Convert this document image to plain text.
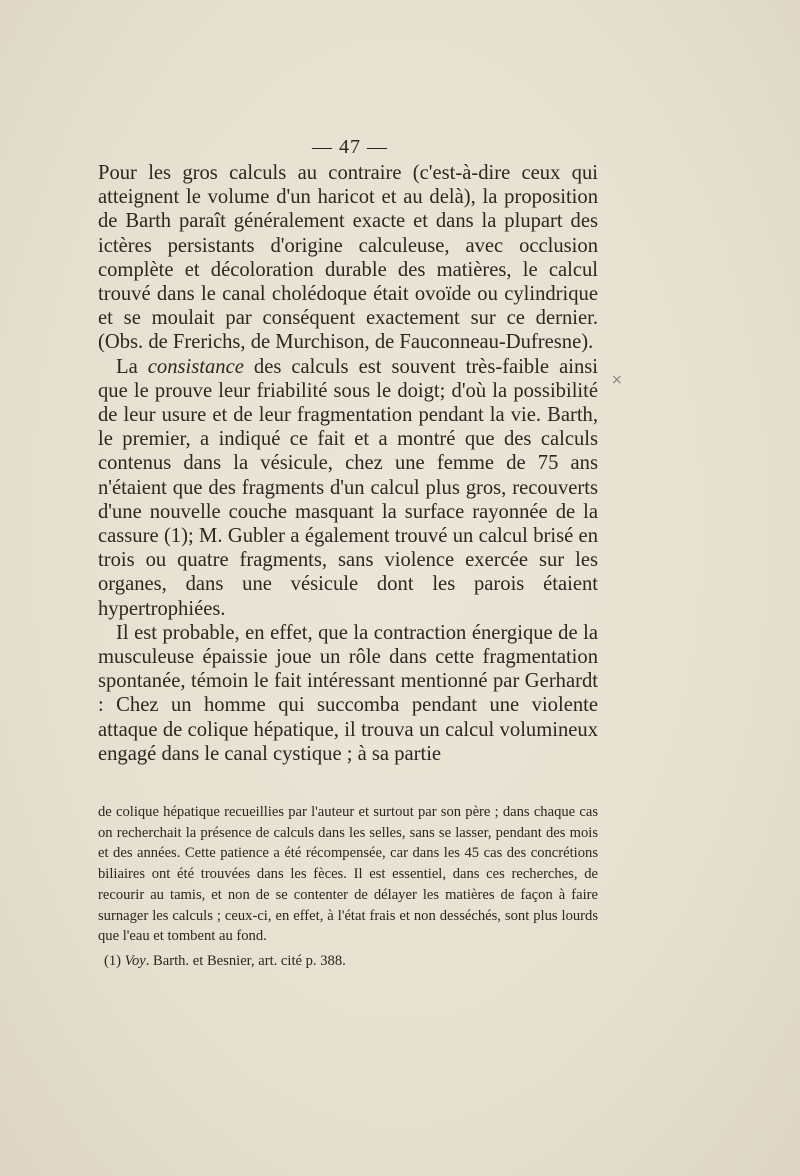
— 47 —

Pour les gros calculs au contraire (c'est-à-dire ceux qui atteignent le volume d'un haricot et au delà), la proposition de Barth paraît généralement exacte et dans la plupart des ictères persistants d'origine calculeuse, avec occlusion complète et décoloration durable des matières, le calcul trouvé dans le canal cholédoque était ovoïde ou cylindrique et se moulait par conséquent exactement sur ce dernier. (Obs. de Frerichs, de Murchison, de Fauconneau-Dufresne).

La consistance des calculs est souvent très-faible ainsi que le prouve leur friabilité sous le doigt; d'où la possibilité de leur usure et de leur fragmentation pendant la vie. Barth, le premier, a indiqué ce fait et a montré que des calculs contenus dans la vésicule, chez une femme de 75 ans n'étaient que des fragments d'un calcul plus gros, recouverts d'une nouvelle couche masquant la surface rayonnée de la cassure (1); M. Gubler a également trouvé un calcul brisé en trois ou quatre fragments, sans violence exercée sur les organes, dans une vésicule dont les parois étaient hypertrophiées.

Il est probable, en effet, que la contraction énergique de la musculeuse épaissie joue un rôle dans cette fragmentation spontanée, témoin le fait intéressant mentionné par Gerhardt : Chez un homme qui succomba pendant une violente attaque de colique hépatique, il trouva un calcul volumineux engagé dans le canal cystique ; à sa partie

×

de colique hépatique recueillies par l'auteur et surtout par son père ; dans chaque cas on recherchait la présence de calculs dans les selles, sans se lasser, pendant des mois et des années. Cette patience a été récompensée, car dans les 45 cas des concrétions biliaires ont été trouvées dans les fèces. Il est essentiel, dans ces recherches, de recourir au tamis, et non de se contenter de délayer les matières de façon à faire surnager les calculs ; ceux-ci, en effet, à l'état frais et non desséchés, sont plus lourds que l'eau et tombent au fond.

(1) Voy. Barth. et Besnier, art. cité p. 388.
